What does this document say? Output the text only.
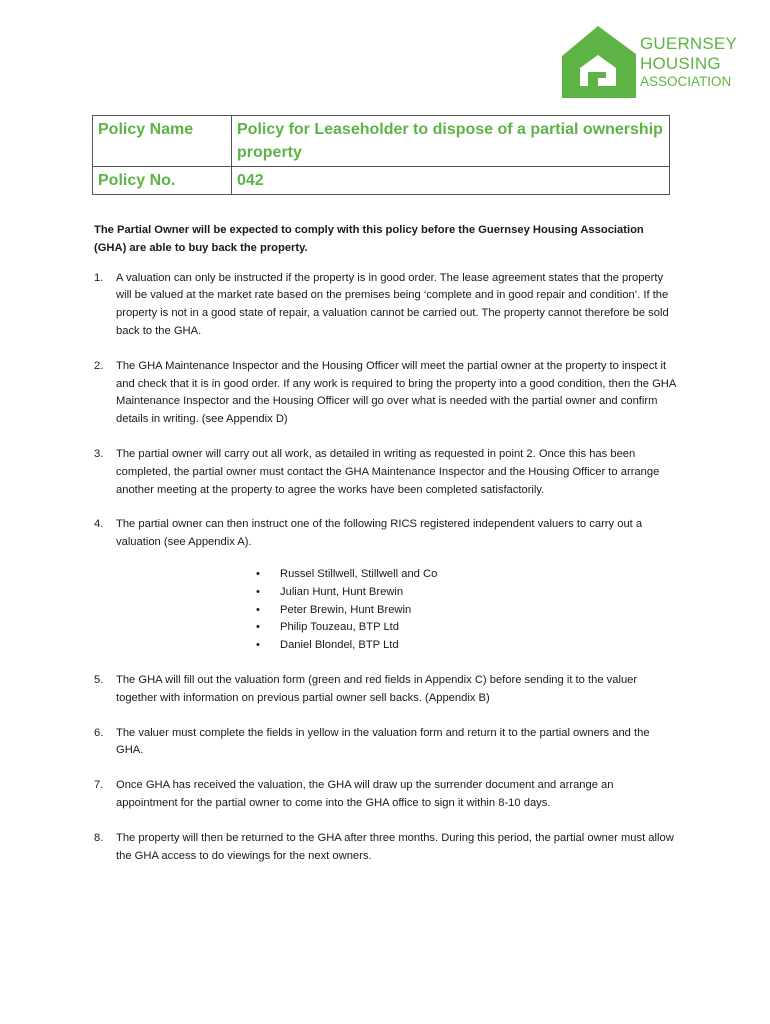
GUERNSEY
HOUSING
ASSOCIATION
Policy Name	Policy for Leaseholder to dispose of a partial ownership property
Policy No.	042

The Partial Owner will be expected to comply with this policy before the Guernsey Housing Association (GHA) are able to buy back the property.

1. A valuation can only be instructed if the property is in good order. The lease agreement states that the property will be valued at the market rate based on the premises being ‘complete and in good repair and condition’. If the property is not in a good state of repair, a valuation cannot be carried out. The property cannot therefore be sold back to the GHA.
2. The GHA Maintenance Inspector and the Housing Officer will meet the partial owner at the property to inspect it and check that it is in good order. If any work is required to bring the property into a good condition, then the GHA Maintenance Inspector and the Housing Officer will go over what is needed with the partial owner and confirm details in writing. (see Appendix D)
3. The partial owner will carry out all work, as detailed in writing as requested in point 2. Once this has been completed, the partial owner must contact the GHA Maintenance Inspector and the Housing Officer to arrange another meeting at the property to agree the works have been completed satisfactorily.
4. The partial owner can then instruct one of the following RICS registered independent valuers to carry out a valuation (see Appendix A).
• Russel Stillwell, Stillwell and Co
• Julian Hunt, Hunt Brewin
• Peter Brewin, Hunt Brewin
• Philip Touzeau, BTP Ltd
• Daniel Blondel, BTP Ltd
5. The GHA will fill out the valuation form (green and red fields in Appendix C) before sending it to the valuer together with information on previous partial owner sell backs. (Appendix B)
6. The valuer must complete the fields in yellow in the valuation form and return it to the partial owners and the GHA.
7. Once GHA has received the valuation, the GHA will draw up the surrender document and arrange an appointment for the partial owner to come into the GHA office to sign it within 8-10 days.
8. The property will then be returned to the GHA after three months. During this period, the partial owner must allow the GHA access to do viewings for the next owners.
